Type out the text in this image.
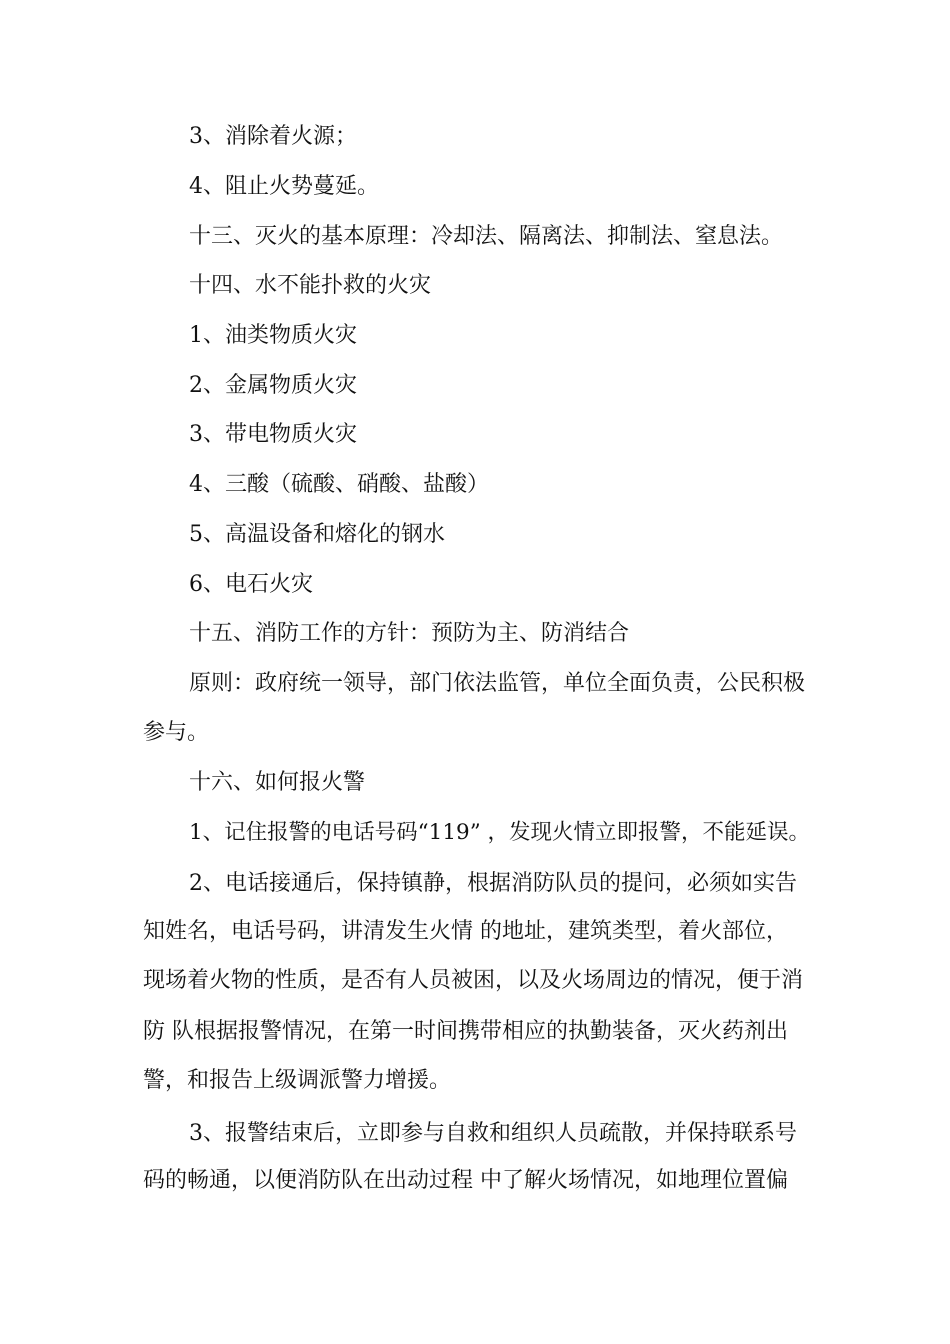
3、消除着火源；
4、阻止火势蔓延。
十三、灭火的基本原理：冷却法、隔离法、抑制法、窒息法。
十四、水不能扑救的火灾
1、油类物质火灾
2、金属物质火灾
3、带电物质火灾
4、三酸（硫酸、硝酸、盐酸）
5、高温设备和熔化的钢水
6、电石火灾
十五、消防工作的方针：预防为主、防消结合
原则：政府统一领导，部门依法监管，单位全面负责，公民积极
参与。
十六、如何报火警
1、记住报警的电话号码“119” ，发现火情立即报警，不能延误。
2、电话接通后，保持镇静，根据消防队员的提问，必须如实告
知姓名，电话号码，讲清发生火情 的地址，建筑类型，着火部位，
现场着火物的性质，是否有人员被困，以及火场周边的情况，便于消
防 队根据报警情况，在第一时间携带相应的执勤装备，灭火药剂出
警，和报告上级调派警力增援。
3、报警结束后，立即参与自救和组织人员疏散，并保持联系号
码的畅通，以便消防队在出动过程 中了解火场情况，如地理位置偏
